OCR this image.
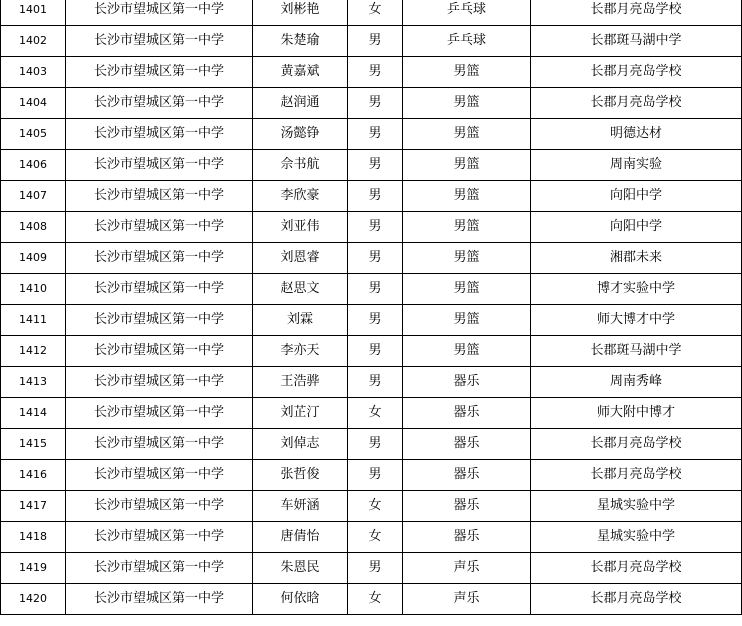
1401	长沙市望城区第一中学	刘彬艳	女	乒乓球	长郡月亮岛学校
1402	长沙市望城区第一中学	朱楚瑜	男	乒乓球	长郡斑马湖中学
1403	长沙市望城区第一中学	黄嘉斌	男	男篮	长郡月亮岛学校
1404	长沙市望城区第一中学	赵润通	男	男篮	长郡月亮岛学校
1405	长沙市望城区第一中学	汤懿铮	男	男篮	明德达材
1406	长沙市望城区第一中学	佘书航	男	男篮	周南实验
1407	长沙市望城区第一中学	李欣豪	男	男篮	向阳中学
1408	长沙市望城区第一中学	刘亚伟	男	男篮	向阳中学
1409	长沙市望城区第一中学	刘恩睿	男	男篮	湘郡未来
1410	长沙市望城区第一中学	赵思文	男	男篮	博才实验中学
1411	长沙市望城区第一中学	刘霖	男	男篮	师大博才中学
1412	长沙市望城区第一中学	李亦天	男	男篮	长郡斑马湖中学
1413	长沙市望城区第一中学	王浩骅	男	器乐	周南秀峰
1414	长沙市望城区第一中学	刘芷汀	女	器乐	师大附中博才
1415	长沙市望城区第一中学	刘倬志	男	器乐	长郡月亮岛学校
1416	长沙市望城区第一中学	张哲俊	男	器乐	长郡月亮岛学校
1417	长沙市望城区第一中学	车妍涵	女	器乐	星城实验中学
1418	长沙市望城区第一中学	唐倩怡	女	器乐	星城实验中学
1419	长沙市望城区第一中学	朱恩民	男	声乐	长郡月亮岛学校
1420	长沙市望城区第一中学	何依晗	女	声乐	长郡月亮岛学校
